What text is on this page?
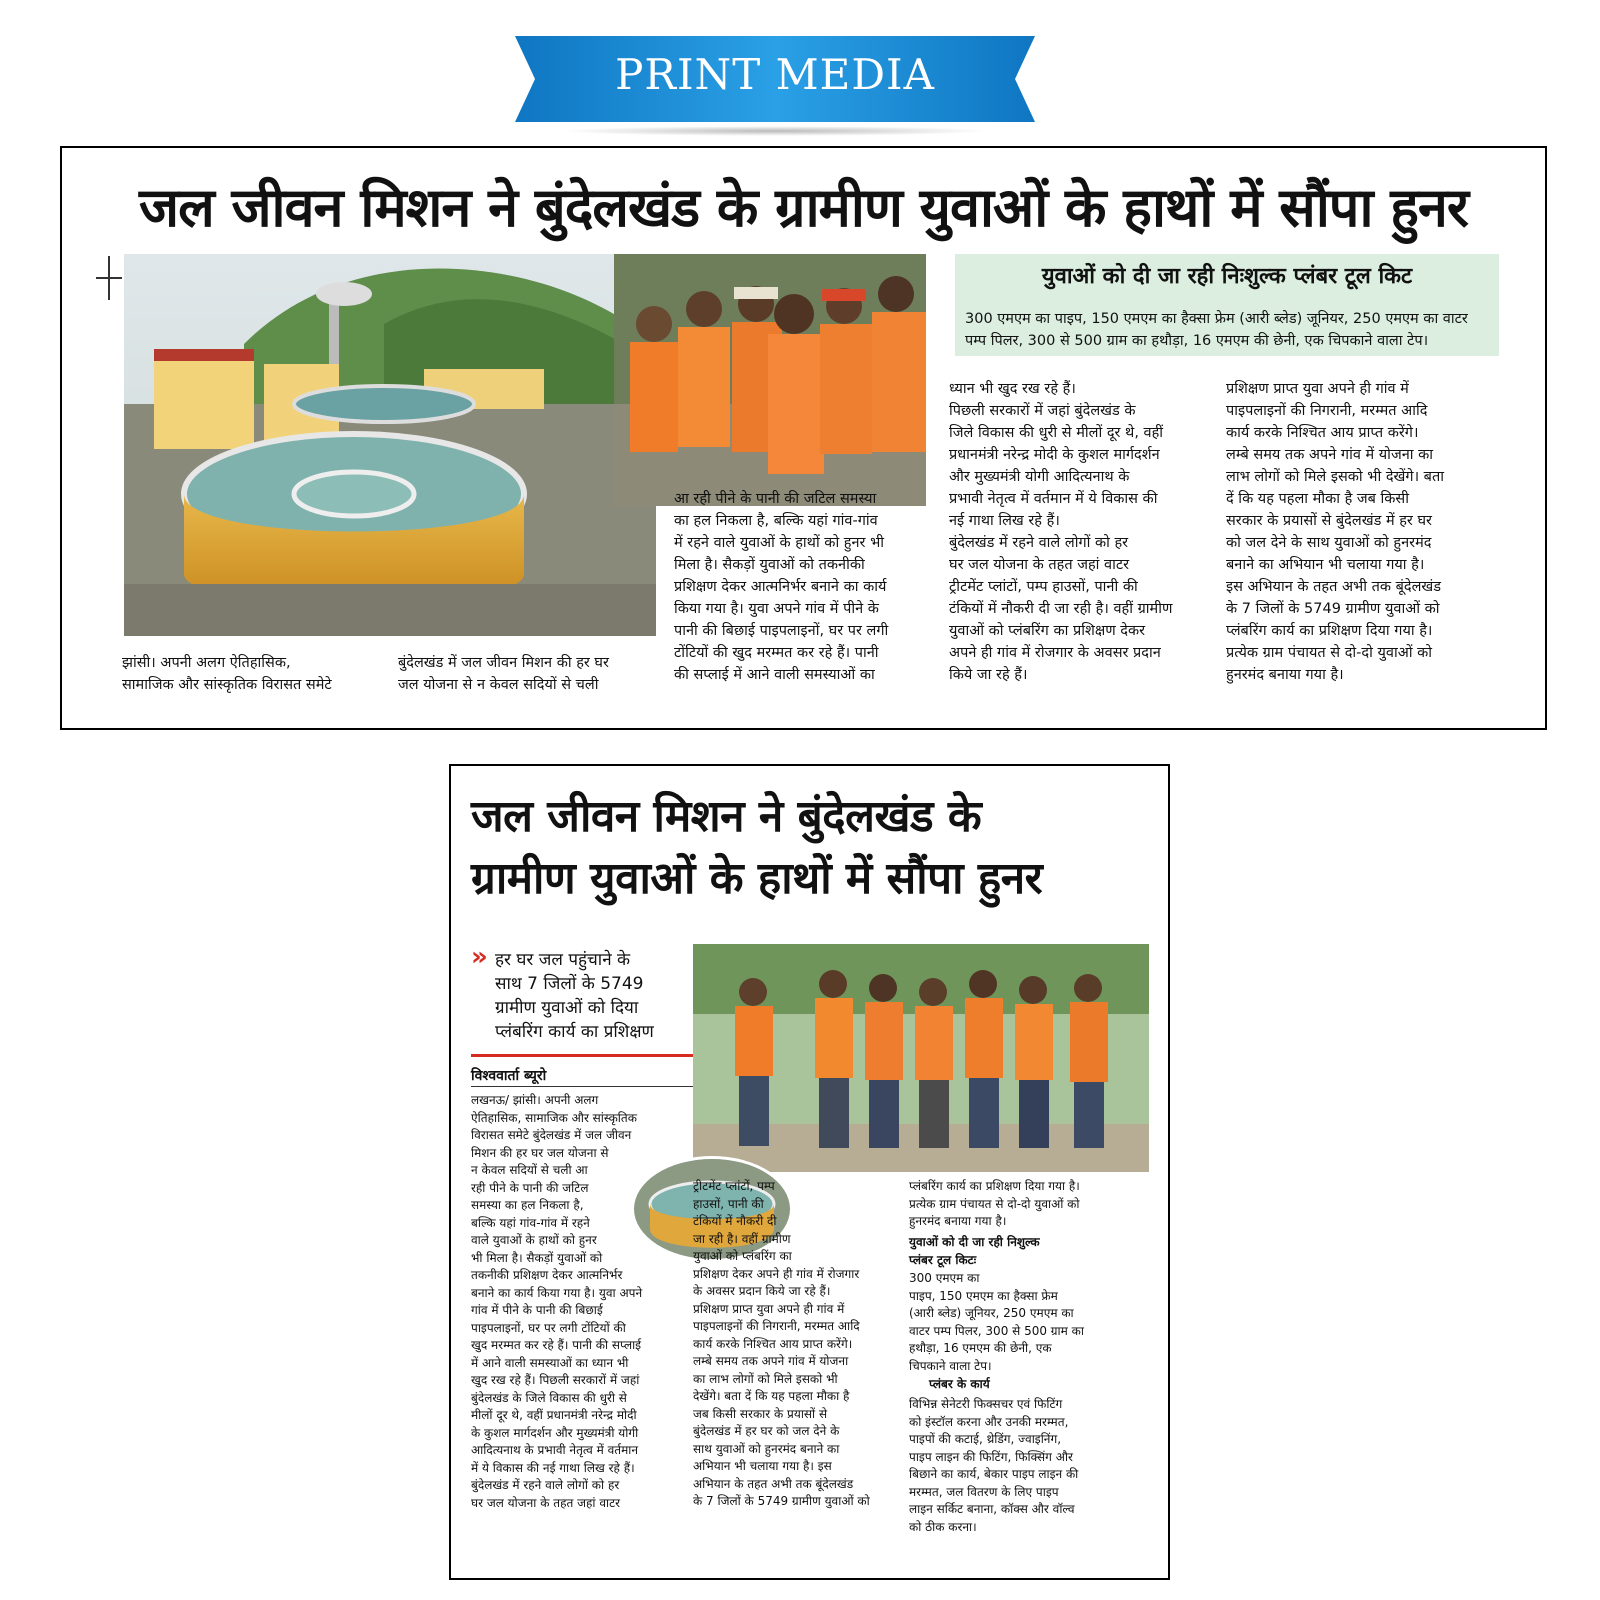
PRINT MEDIA
जल जीवन मिशन ने बुंदेलखंड के ग्रामीण युवाओं के हाथों में सौंपा हुनर
युवाओं को दी जा रही निःशुल्क प्लंबर टूल किट
300 एमएम का पाइप, 150 एमएम का हैक्सा फ्रेम (आरी ब्लेड) जूनियर, 250 एमएम का वाटर पम्प पिलर, 300 से 500 ग्राम का हथौड़ा, 16 एमएम की छेनी, एक चिपकाने वाला टेप।
झांसी। अपनी अलग ऐतिहासिक,
सामाजिक और सांस्कृतिक विरासत समेटे
बुंदेलखंड में जल जीवन मिशन की हर घर
जल योजना से न केवल सदियों से चली
आ रही पीने के पानी की जटिल समस्या
का हल निकला है, बल्कि यहां गांव-गांव
में रहने वाले युवाओं के हाथों को हुनर भी
मिला है। सैकड़ों युवाओं को तकनीकी
प्रशिक्षण देकर आत्मनिर्भर बनाने का कार्य
किया गया है। युवा अपने गांव में पीने के
पानी की बिछाई पाइपलाइनों, घर पर लगी
टोंटियों की खुद मरम्मत कर रहे हैं। पानी
की सप्लाई में आने वाली समस्याओं का
ध्यान भी खुद रख रहे हैं।
पिछली सरकारों में जहां बुंदेलखंड के
जिले विकास की धुरी से मीलों दूर थे, वहीं
प्रधानमंत्री नरेन्द्र मोदी के कुशल मार्गदर्शन
और मुख्यमंत्री योगी आदित्यनाथ के
प्रभावी नेतृत्व में वर्तमान में ये विकास की
नई गाथा लिख रहे हैं।
बुंदेलखंड में रहने वाले लोगों को हर
घर जल योजना के तहत जहां वाटर
ट्रीटमेंट प्लांटों, पम्प हाउसों, पानी की
टंकियों में नौकरी दी जा रही है। वहीं ग्रामीण
युवाओं को प्लंबरिंग का प्रशिक्षण देकर
अपने ही गांव में रोजगार के अवसर प्रदान
किये जा रहे हैं।
प्रशिक्षण प्राप्त युवा अपने ही गांव में
पाइपलाइनों की निगरानी, मरम्मत आदि
कार्य करके निश्चित आय प्राप्त करेंगे।
लम्बे समय तक अपने गांव में योजना का
लाभ लोगों को मिले इसको भी देखेंगे। बता
दें कि यह पहला मौका है जब किसी
सरकार के प्रयासों से बुंदेलखंड में हर घर
को जल देने के साथ युवाओं को हुनरमंद
बनाने का अभियान भी चलाया गया है।
इस अभियान के तहत अभी तक बूंदेलखंड
के 7 जिलों के 5749 ग्रामीण युवाओं को
प्लंबरिंग कार्य का प्रशिक्षण दिया गया है।
प्रत्येक ग्राम पंचायत से दो-दो युवाओं को
हुनरमंद बनाया गया है।
जल जीवन मिशन ने बुंदेलखंड के
ग्रामीण युवाओं के हाथों में सौंपा हुनर
» हर घर जल पहुंचाने के
साथ 7 जिलों के 5749
ग्रामीण युवाओं को दिया
प्लंबरिंग कार्य का प्रशिक्षण
विश्ववार्ता ब्यूरो
लखनऊ/ झांसी। अपनी अलग
ऐतिहासिक, सामाजिक और सांस्कृतिक
विरासत समेटे बुंदेलखंड में जल जीवन
मिशन की हर घर जल योजना से
न केवल सदियों से चली आ
रही पीने के पानी की जटिल
समस्या का हल निकला है,
बल्कि यहां गांव-गांव में रहने
वाले युवाओं के हाथों को हुनर
भी मिला है। सैकड़ों युवाओं को
तकनीकी प्रशिक्षण देकर आत्मनिर्भर
बनाने का कार्य किया गया है। युवा अपने
गांव में पीने के पानी की बिछाई
पाइपलाइनों, घर पर लगी टोंटियों की
खुद मरम्मत कर रहे हैं। पानी की सप्लाई
में आने वाली समस्याओं का ध्यान भी
खुद रख रहे हैं। पिछली सरकारों में जहां
बुंदेलखंड के जिले विकास की धुरी से
मीलों दूर थे, वहीं प्रधानमंत्री नरेन्द्र मोदी
के कुशल मार्गदर्शन और मुख्यमंत्री योगी
आदित्यनाथ के प्रभावी नेतृत्व में वर्तमान
में ये विकास की नई गाथा लिख रहे हैं।
बुंदेलखंड में रहने वाले लोगों को हर
घर जल योजना के तहत जहां वाटर
ट्रीटमेंट प्लांटों, पम्प
हाउसों, पानी की
टंकियों में नौकरी दी
जा रही है। वहीं ग्रामीण
युवाओं को प्लंबरिंग का
प्रशिक्षण देकर अपने ही गांव में रोजगार
के अवसर प्रदान किये जा रहे हैं।
प्रशिक्षण प्राप्त युवा अपने ही गांव में
पाइपलाइनों की निगरानी, मरम्मत आदि
कार्य करके निश्चित आय प्राप्त करेंगे।
लम्बे समय तक अपने गांव में योजना
का लाभ लोगों को मिले इसको भी
देखेंगे। बता दें कि यह पहला मौका है
जब किसी सरकार के प्रयासों से
बुंदेलखंड में हर घर को जल देने के
साथ युवाओं को हुनरमंद बनाने का
अभियान भी चलाया गया है। इस
अभियान के तहत अभी तक बूंदेलखंड
के 7 जिलों के 5749 ग्रामीण युवाओं को
प्लंबरिंग कार्य का प्रशिक्षण दिया गया है।
प्रत्येक ग्राम पंचायत से दो-दो युवाओं को
हुनरमंद बनाया गया है।
युवाओं को दी जा रही निशुल्क
प्लंबर टूल किटः
300 एमएम का
पाइप, 150 एमएम का हैक्सा फ्रेम
(आरी ब्लेड) जूनियर, 250 एमएम का
वाटर पम्प पिलर, 300 से 500 ग्राम का
हथौड़ा, 16 एमएम की छेनी, एक
चिपकाने वाला टेप।
प्लंबर के कार्य
विभिन्न सेनेटरी फिक्सचर एवं फिटिंग
को इंस्टॉल करना और उनकी मरम्मत,
पाइपों की कटाई, थ्रेडिंग, ज्वाइनिंग,
पाइप लाइन की फिटिंग, फिक्सिंग और
बिछाने का कार्य, बेकार पाइप लाइन की
मरम्मत, जल वितरण के लिए पाइप
लाइन सर्किट बनाना, कॉक्स और वॉल्व
को ठीक करना।
